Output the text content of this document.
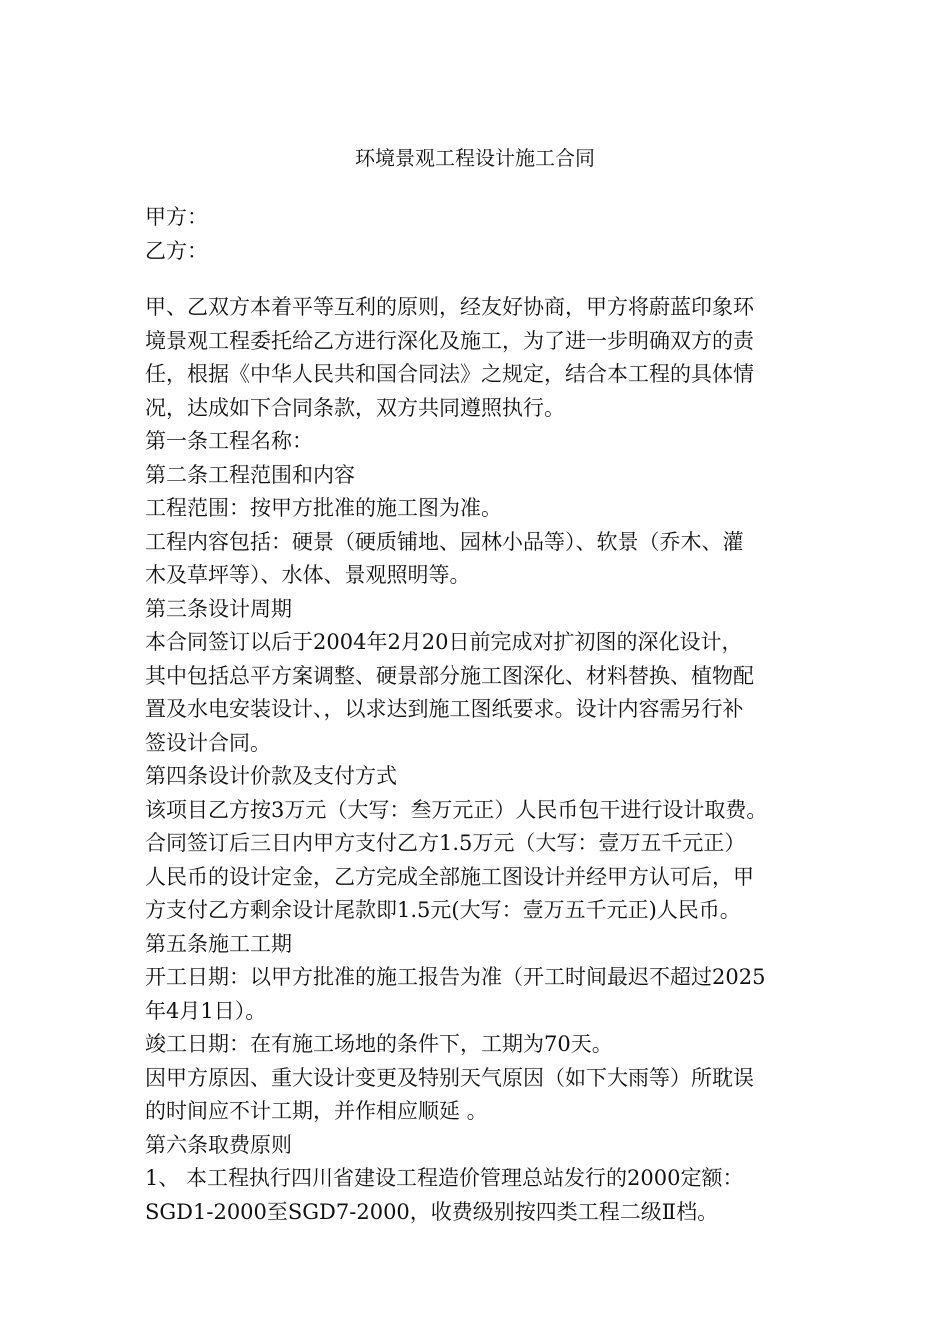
环境景观工程设计施工合同

甲方：

乙方：

甲、乙双方本着平等互利的原则，经友好协商，甲方将蔚蓝印象环

境景观工程委托给乙方进行深化及施工，为了进一步明确双方的责

任，根据《中华人民共和国合同法》之规定，结合本工程的具体情

况，达成如下合同条款，双方共同遵照执行。

第一条工程名称：

第二条工程范围和内容

工程范围：按甲方批准的施工图为准。

工程内容包括：硬景（硬质铺地、园林小品等）、软景（乔木、灌

木及草坪等）、水体、景观照明等。

第三条设计周期

本合同签订以后于2004年2月20日前完成对扩初图的深化设计，

其中包括总平方案调整、硬景部分施工图深化、材料替换、植物配

置及水电安装设计、，以求达到施工图纸要求。设计内容需另行补

签设计合同。

第四条设计价款及支付方式

该项目乙方按3万元（大写：叁万元正）人民币包干进行设计取费。

合同签订后三日内甲方支付乙方1.5万元（大写：壹万五千元正）

人民币的设计定金，乙方完成全部施工图设计并经甲方认可后，甲

方支付乙方剩余设计尾款即1.5元(大写：壹万五千元正)人民币。

第五条施工工期

开工日期：以甲方批准的施工报告为准（开工时间最迟不超过2025

年4月1日）。

竣工日期：在有施工场地的条件下，工期为70天。

因甲方原因、重大设计变更及特别天气原因（如下大雨等）所耽误

的时间应不计工期，并作相应顺延 。

第六条取费原则

1、 本工程执行四川省建设工程造价管理总站发行的2000定额：

SGD1-2000至SGD7-2000，收费级别按四类工程二级Ⅱ档。
